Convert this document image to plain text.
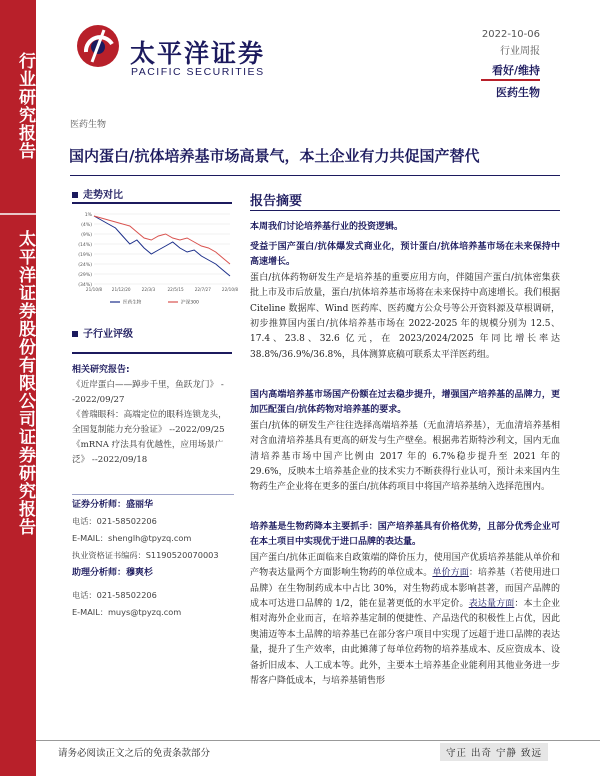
行业研究报告
太平洋证券股份有限公司证券研究报告
太平洋证券
PACIFIC SECURITIES
2022-10-06
行业周报
看好/维持
医药生物
医药生物
国内蛋白/抗体培养基市场高景气，本土企业有力共促国产替代
走势对比
1%
(4%)
(9%)
(14%)
(19%)
(24%)
(29%)
(34%)
21/10/8 21/12/20	22/3/3	22/5/15	22/7/27	22/10/8
医药生物	沪深300
子行业评级
相关研究报告:
《近岸蛋白——踔步千里，鱼跃龙门》 --2022/09/27
《普瑞眼科：高端定位的眼科连锁龙头，全国复制能力充分验证》 --2022/09/25
《mRNA 疗法具有优越性，应用场景广泛》 --2022/09/18
证券分析师：盛丽华
电话：021-58502206
E-MAIL：shenglh@tpyzq.com
执业资格证书编码：S1190520070003
助理分析师：穆爽杉
电话：021-58502206
E-MAIL：muys@tpyzq.com
报告摘要
本周我们讨论培养基行业的投资逻辑。
受益于国产蛋白/抗体爆发式商业化，预计蛋白/抗体培养基市场在未来保持中高速增长。
蛋白/抗体药物研发生产是培养基的重要应用方向，伴随国产蛋白/抗体密集获批上市及市后放量，蛋白/抗体培养基市场将在未来保持中高速增长。我们根据 Citeline 数据库、Wind 医药库、医药魔方公众号等公开资料源及草根调研，初步推算国内蛋白/抗体培养基市场在 2022-2025 年的规模分别为 12.5、17.4、23.8、32.6 亿元，在 2023/2024/2025 年同比增长率达 38.8%/36.9%/36.8%，具体测算底稿可联系太平洋医药组。
国内高端培养基市场国产份额在过去稳步提升，增强国产培养基的品牌力，更加匹配蛋白/抗体药物对培养基的要求。
蛋白/抗体的研发生产往往选择高端培养基（无血清培养基），无血清培养基相对含血清培养基具有更高的研发与生产壁垒。根据弗若斯特沙利文，国内无血清培养基市场中国产比例由 2017 年的 6.7%稳步提升至 2021 年的 29.6%，反映本土培养基企业的技术实力不断获得行业认可，预计未来国内生物药生产企业将在更多的蛋白/抗体药项目中将国产培养基纳入选择范围内。
培养基是生物药降本主要抓手：国产培养基具有价格优势，且部分优秀企业可在本土项目中实现优于进口品牌的表达量。
国产蛋白/抗体正面临来自政策端的降价压力，使用国产优质培养基能从单价和产物表达量两个方面影响生物药的单位成本。单价方面：培养基（若使用进口品牌）在生物制药成本中占比 30%，对生物药成本影响甚著，而国产品牌的成本可达进口品牌的 1/2，能在显著更低的水平定价。表达量方面：本土企业相对海外企业而言，在培养基定制的便捷性、产品迭代的积极性上占优，因此奥浦迈等本土品牌的培养基已在部分客户项目中实现了远超于进口品牌的表达量，提升了生产效率，由此摊薄了每单位药物的培养基成本、反应资成本、设备折旧成本、人工成本等。此外，主要本土培养基企业能利用其他业务进一步帮客户降低成本，与培养基销售形
请务必阅读正文之后的免责条款部分	守正 出奇 宁静 致远
